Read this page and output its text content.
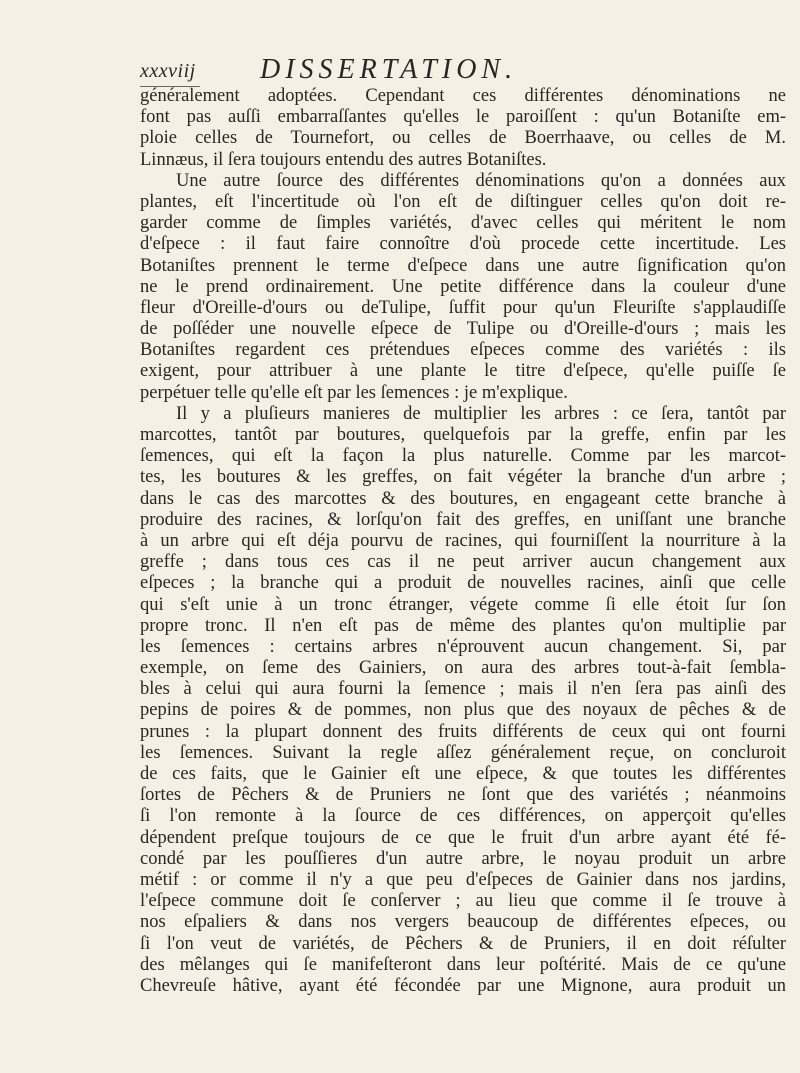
xxxviij DISSERTATION.
généralement adoptées. Cependant ces différentes dénominations ne
font pas auſſi embarraſſantes qu'elles le paroiſſent : qu'un Botaniſte em-
ploie celles de Tournefort, ou celles de Boerrhaave, ou celles de M.
Linnæus, il ſera toujours entendu des autres Botaniſtes.
Une autre ſource des différentes dénominations qu'on a données aux
plantes, eſt l'incertitude où l'on eſt de diſtinguer celles qu'on doit re-
garder comme de ſimples variétés, d'avec celles qui méritent le nom
d'eſpece : il faut faire connoître d'où procede cette incertitude. Les
Botaniſtes prennent le terme d'eſpece dans une autre ſignification qu'on
ne le prend ordinairement. Une petite différence dans la couleur d'une
fleur d'Oreille-d'ours ou deTulipe, ſuffit pour qu'un Fleuriſte s'applaudiſſe
de poſſéder une nouvelle eſpece de Tulipe ou d'Oreille-d'ours ; mais les
Botaniſtes regardent ces prétendues eſpeces comme des variétés : ils
exigent, pour attribuer à une plante le titre d'eſpece, qu'elle puiſſe ſe
perpétuer telle qu'elle eſt par les ſemences : je m'explique.
Il y a pluſieurs manieres de multiplier les arbres : ce ſera, tantôt par
marcottes, tantôt par boutures, quelquefois par la greffe, enfin par les
ſemences, qui eſt la façon la plus naturelle. Comme par les marcot-
tes, les boutures & les greffes, on fait végéter la branche d'un arbre ;
dans le cas des marcottes & des boutures, en engageant cette branche à
produire des racines, & lorſqu'on fait des greffes, en uniſſant une branche
à un arbre qui eſt déja pourvu de racines, qui fourniſſent la nourriture à la
greffe ; dans tous ces cas il ne peut arriver aucun changement aux
eſpeces ; la branche qui a produit de nouvelles racines, ainſi que celle
qui s'eſt unie à un tronc étranger, végete comme ſi elle étoit ſur ſon
propre tronc. Il n'en eſt pas de même des plantes qu'on multiplie par
les ſemences : certains arbres n'éprouvent aucun changement. Si, par
exemple, on ſeme des Gainiers, on aura des arbres tout-à-fait ſembla-
bles à celui qui aura fourni la ſemence ; mais il n'en ſera pas ainſi des
pepins de poires & de pommes, non plus que des noyaux de pêches & de
prunes : la plupart donnent des fruits différents de ceux qui ont fourni
les ſemences. Suivant la regle aſſez généralement reçue, on concluroit
de ces faits, que le Gainier eſt une eſpece, & que toutes les différentes
ſortes de Pêchers & de Pruniers ne ſont que des variétés ; néanmoins
ſi l'on remonte à la ſource de ces différences, on apperçoit qu'elles
dépendent preſque toujours de ce que le fruit d'un arbre ayant été fé-
condé par les pouſſieres d'un autre arbre, le noyau produit un arbre
métif : or comme il n'y a que peu d'eſpeces de Gainier dans nos jardins,
l'eſpece commune doit ſe conſerver ; au lieu que comme il ſe trouve à
nos eſpaliers & dans nos vergers beaucoup de différentes eſpeces, ou
ſi l'on veut de variétés, de Pêchers & de Pruniers, il en doit réſulter
des mêlanges qui ſe manifeſteront dans leur poſtérité. Mais de ce qu'une
Chevreuſe hâtive, ayant été fécondée par une Mignone, aura produit un
